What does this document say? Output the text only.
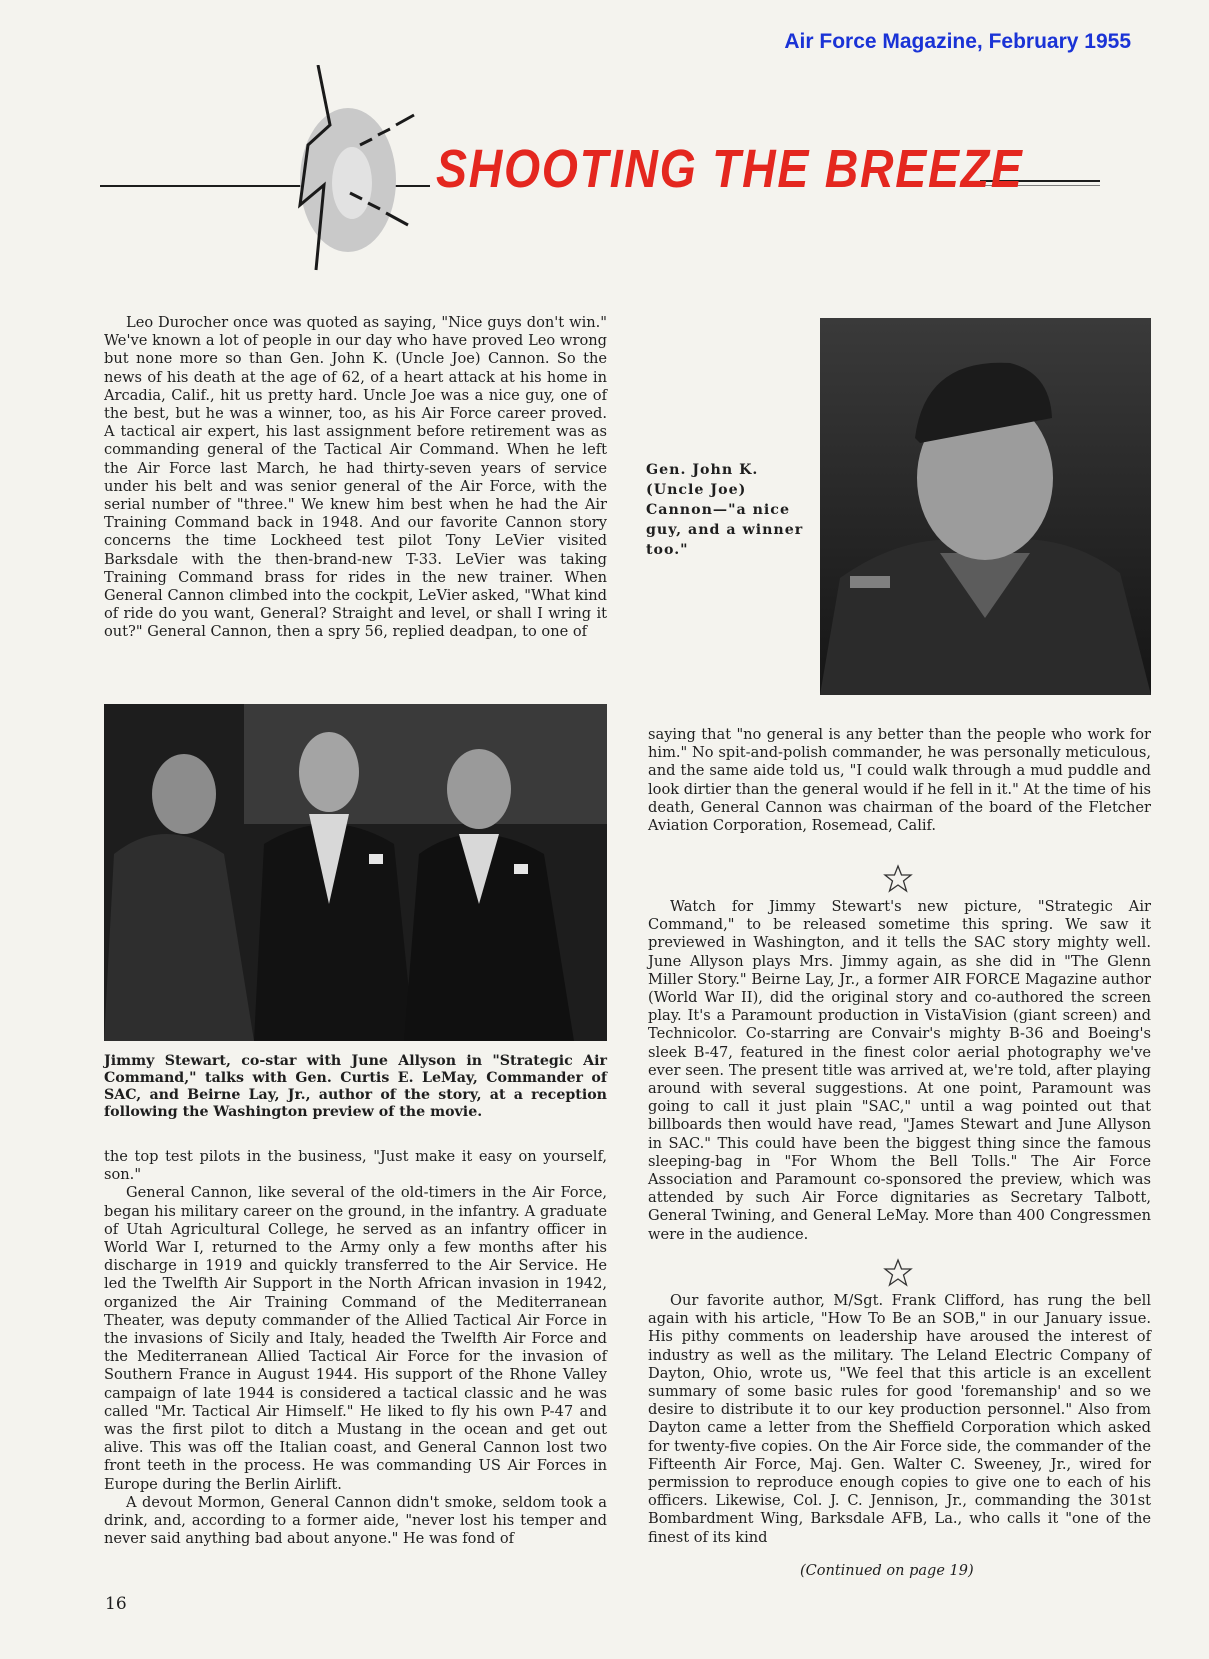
Air Force Magazine, February 1955
SHOOTING THE BREEZE

Leo Durocher once was quoted as saying, "Nice guys don't win." We've known a lot of people in our day who have proved Leo wrong but none more so than Gen. John K. (Uncle Joe) Cannon. So the news of his death at the age of 62, of a heart attack at his home in Arcadia, Calif., hit us pretty hard. Uncle Joe was a nice guy, one of the best, but he was a winner, too, as his Air Force career proved. A tactical air expert, his last assignment before retirement was as commanding general of the Tactical Air Command. When he left the Air Force last March, he had thirty-seven years of service under his belt and was senior general of the Air Force, with the serial number of "three." We knew him best when he had the Air Training Command back in 1948. And our favorite Cannon story concerns the time Lockheed test pilot Tony LeVier visited Barksdale with the then-brand-new T-33. LeVier was taking Training Command brass for rides in the new trainer. When General Cannon climbed into the cockpit, LeVier asked, "What kind of ride do you want, General? Straight and level, or shall I wring it out?" General Cannon, then a spry 56, replied deadpan, to one of

Gen. John K. (Uncle Joe) Cannon—"a nice guy, and a winner too."
Jimmy Stewart, co-star with June Allyson in "Strategic Air Command," talks with Gen. Curtis E. LeMay, Commander of SAC, and Beirne Lay, Jr., author of the story, at a reception following the Washington preview of the movie.

the top test pilots in the business, "Just make it easy on yourself, son."

General Cannon, like several of the old-timers in the Air Force, began his military career on the ground, in the infantry. A graduate of Utah Agricultural College, he served as an infantry officer in World War I, returned to the Army only a few months after his discharge in 1919 and quickly transferred to the Air Service. He led the Twelfth Air Support in the North African invasion in 1942, organized the Air Training Command of the Mediterranean Theater, was deputy commander of the Allied Tactical Air Force in the invasions of Sicily and Italy, headed the Twelfth Air Force and the Mediterranean Allied Tactical Air Force for the invasion of Southern France in August 1944. His support of the Rhone Valley campaign of late 1944 is considered a tactical classic and he was called "Mr. Tactical Air Himself." He liked to fly his own P-47 and was the first pilot to ditch a Mustang in the ocean and get out alive. This was off the Italian coast, and General Cannon lost two front teeth in the process. He was commanding US Air Forces in Europe during the Berlin Airlift.

A devout Mormon, General Cannon didn't smoke, seldom took a drink, and, according to a former aide, "never lost his temper and never said anything bad about anyone." He was fond of

saying that "no general is any better than the people who work for him." No spit-and-polish commander, he was personally meticulous, and the same aide told us, "I could walk through a mud puddle and look dirtier than the general would if he fell in it." At the time of his death, General Cannon was chairman of the board of the Fletcher Aviation Corporation, Rosemead, Calif.

Watch for Jimmy Stewart's new picture, "Strategic Air Command," to be released sometime this spring. We saw it previewed in Washington, and it tells the SAC story mighty well. June Allyson plays Mrs. Jimmy again, as she did in "The Glenn Miller Story." Beirne Lay, Jr., a former AIR FORCE Magazine author (World War II), did the original story and co-authored the screen play. It's a Paramount production in VistaVision (giant screen) and Technicolor. Co-starring are Convair's mighty B-36 and Boeing's sleek B-47, featured in the finest color aerial photography we've ever seen. The present title was arrived at, we're told, after playing around with several suggestions. At one point, Paramount was going to call it just plain "SAC," until a wag pointed out that billboards then would have read, "James Stewart and June Allyson in SAC." This could have been the biggest thing since the famous sleeping-bag in "For Whom the Bell Tolls." The Air Force Association and Paramount co-sponsored the preview, which was attended by such Air Force dignitaries as Secretary Talbott, General Twining, and General LeMay. More than 400 Congressmen were in the audience.

Our favorite author, M/Sgt. Frank Clifford, has rung the bell again with his article, "How To Be an SOB," in our January issue. His pithy comments on leadership have aroused the interest of industry as well as the military. The Leland Electric Company of Dayton, Ohio, wrote us, "We feel that this article is an excellent summary of some basic rules for good 'foremanship' and so we desire to distribute it to our key production personnel." Also from Dayton came a letter from the Sheffield Corporation which asked for twenty-five copies. On the Air Force side, the commander of the Fifteenth Air Force, Maj. Gen. Walter C. Sweeney, Jr., wired for permission to reproduce enough copies to give one to each of his officers. Likewise, Col. J. C. Jennison, Jr., commanding the 301st Bombardment Wing, Barksdale AFB, La., who calls it "one of the finest of its kind

(Continued on page 19)
16
